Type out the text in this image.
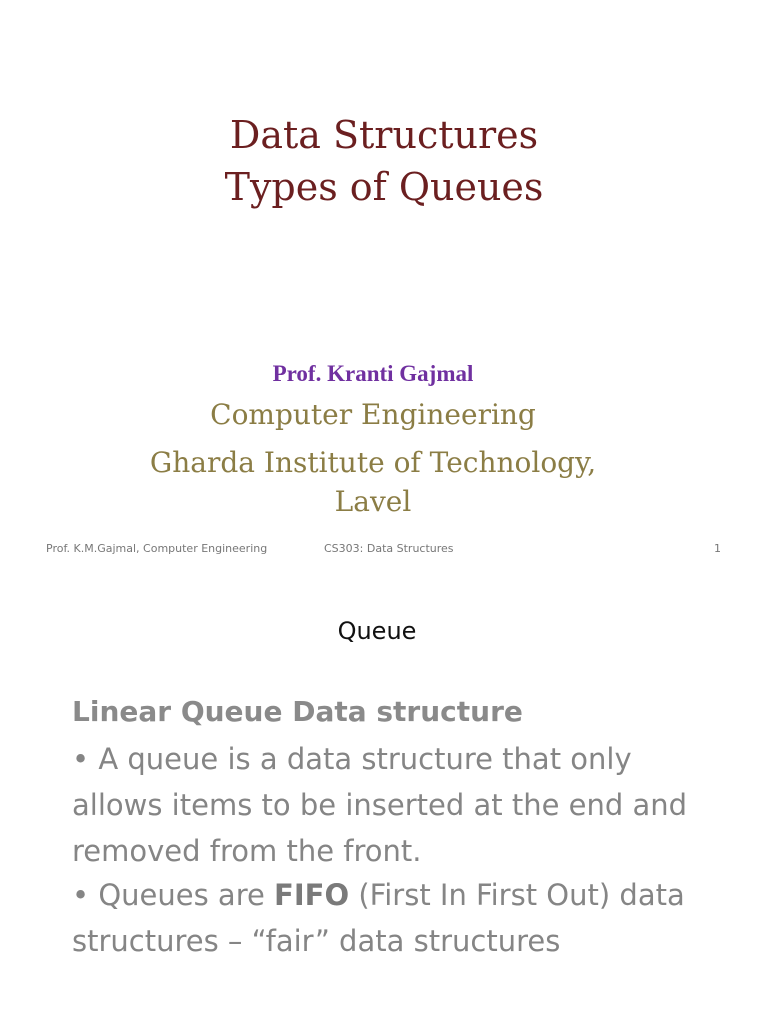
Data Structures
Types of Queues
Prof. Kranti Gajmal
Computer Engineering
Gharda Institute of Technology,
Lavel
Prof. K.M.Gajmal, Computer Engineering	CS303: Data Structures	1
Queue
Linear Queue Data structure
• A queue is a data structure that only
allows items to be inserted at the end and
removed from the front.
• Queues are FIFO (First In First Out) data
structures – “fair” data structures
